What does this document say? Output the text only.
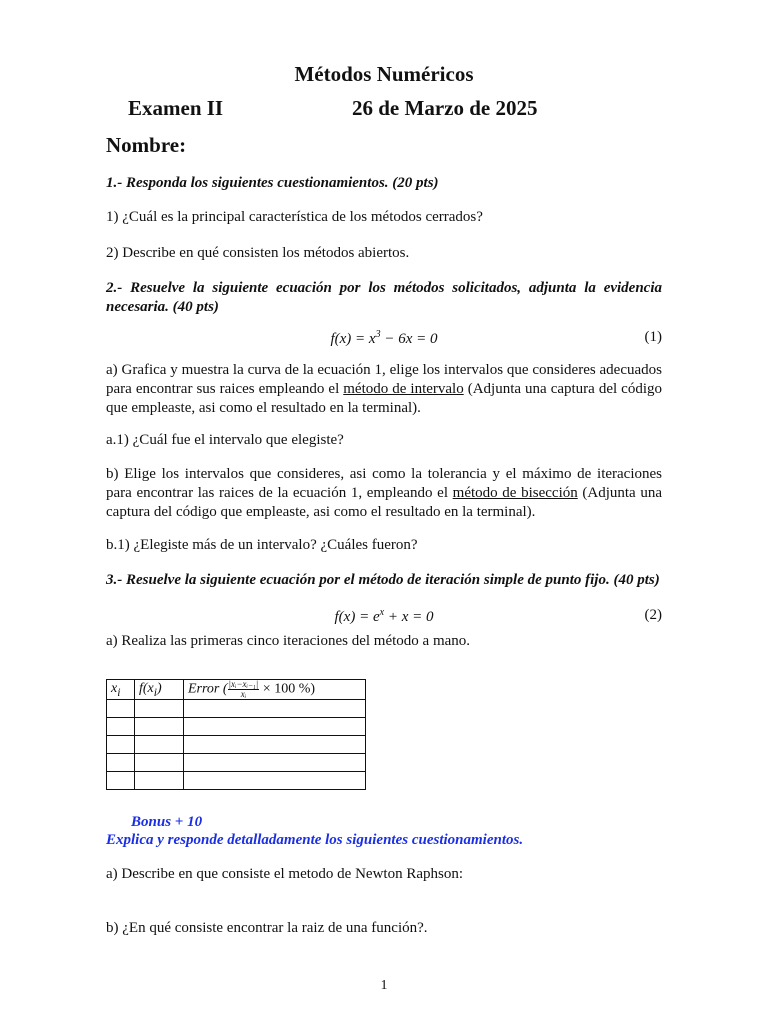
Métodos Numéricos
Examen II	26 de Marzo de 2025
Nombre:
1.- Responda los siguientes cuestionamientos. (20 pts)
1) ¿Cuál es la principal característica de los métodos cerrados?
2) Describe en qué consisten los métodos abiertos.
2.- Resuelve la siguiente ecuación por los métodos solicitados, adjunta la evidencia necesaria. (40 pts)
$f(x) = x^3 - 6x = 0$	(1)
a) Grafica y muestra la curva de la ecuación 1, elige los intervalos que consideres adecuados para encontrar sus raices empleando el método de intervalo (Adjunta una captura del código que empleaste, asi como el resultado en la terminal).
a.1) ¿Cuál fue el intervalo que elegiste?
b) Elige los intervalos que consideres, asi como la tolerancia y el máximo de iteraciones para encontrar las raices de la ecuación 1, empleando el método de bisección (Adjunta una captura del código que empleaste, asi como el resultado en la terminal).
b.1) ¿Elegiste más de un intervalo? ¿Cuáles fueron?
3.- Resuelve la siguiente ecuación por el método de iteración simple de punto fijo. (40 pts)
$f(x) = e^x + x = 0$	(2)
a) Realiza las primeras cinco iteraciones del método a mano.
$x_i$	$f(x_i)$	Error ( $\frac{\text{|xᵢ−xᵢ₋₁|}}{\text{xᵢ}} \times 100$ %)

Bonus + 10
Explica y responde detalladamente los siguientes cuestionamientos.
a) Describe en que consiste el metodo de Newton Raphson:
b) ¿En qué consiste encontrar la raiz de una función?.
1
